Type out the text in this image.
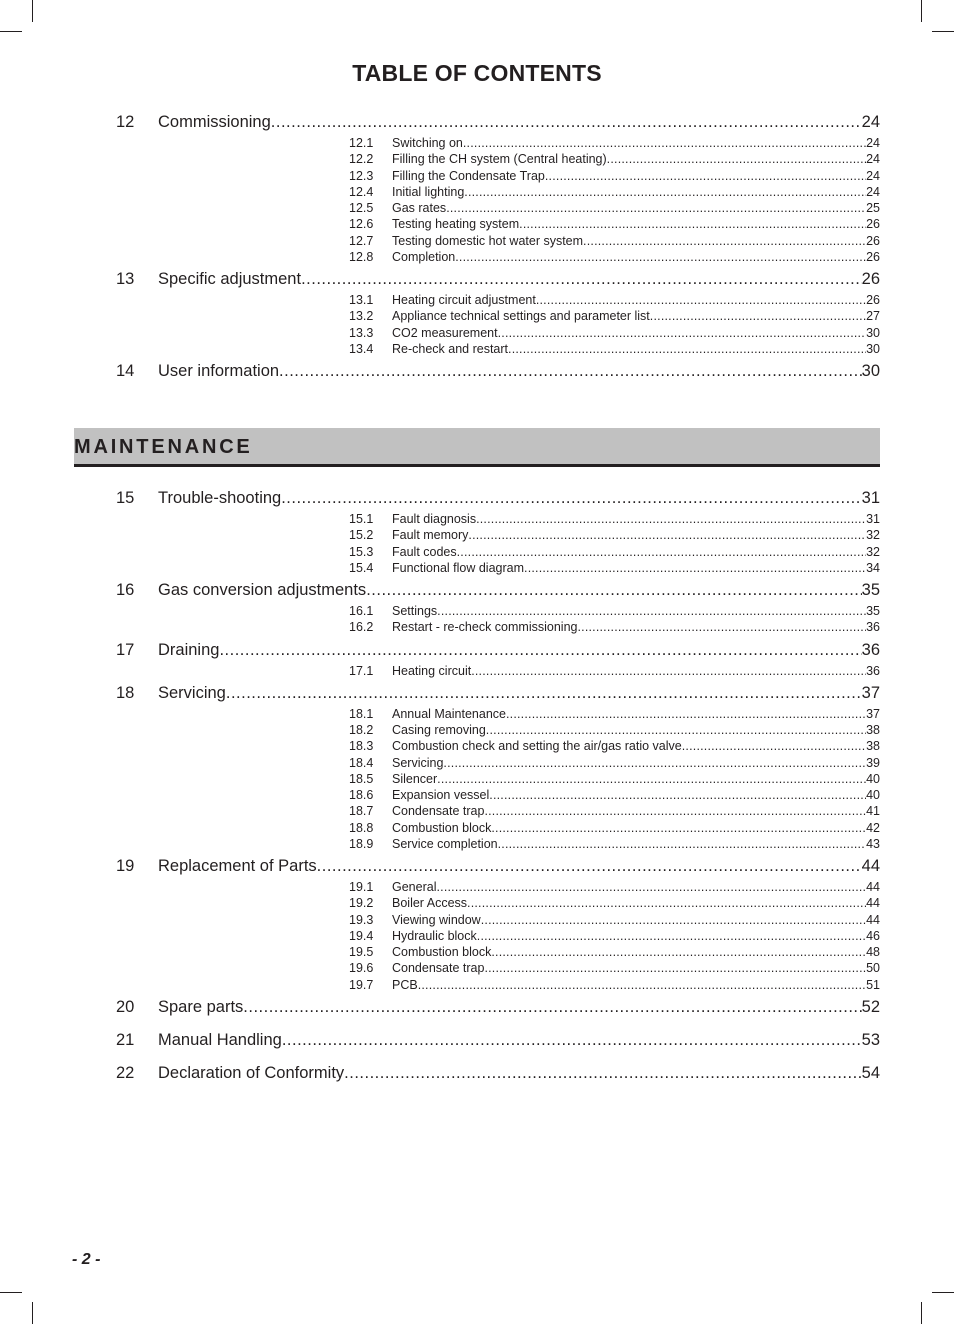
TABLE OF CONTENTS
12	Commissioning .....	24
12.1	Switching on .....	24
12.2	Filling the CH system (Central heating) .....	24
12.3	Filling the Condensate Trap .....	24
12.4	Initial lighting .....	24
12.5	Gas rates .....	25
12.6	Testing heating system .....	26
12.7	Testing domestic hot water system .....	26
12.8	Completion .....	26
13	Specific adjustment .....	26
13.1	Heating circuit adjustment .....	26
13.2	Appliance technical settings and parameter list .....	27
13.3	CO2 measurement .....	30
13.4	Re-check and restart .....	30
14	User information .....	30
MAINTENANCE
15	Trouble-shooting .....	31
15.1	Fault diagnosis .....	31
15.2	Fault memory .....	32
15.3	Fault codes .....	32
15.4	Functional flow diagram .....	34
16	Gas conversion adjustments .....	35
16.1	Settings .....	35
16.2	Restart - re-check commissioning .....	36
17	Draining .....	36
17.1	Heating circuit .....	36
18	Servicing .....	37
18.1	Annual Maintenance .....	37
18.2	Casing removing .....	38
18.3	Combustion check and setting the air/gas ratio valve .....	38
18.4	Servicing .....	39
18.5	Silencer .....	40
18.6	Expansion vessel .....	40
18.7	Condensate trap .....	41
18.8	Combustion block .....	42
18.9	Service completion .....	43
19	Replacement of Parts .....	44
19.1	General .....	44
19.2	Boiler Access .....	44
19.3	Viewing window .....	44
19.4	Hydraulic block .....	46
19.5	Combustion block .....	48
19.6	Condensate trap .....	50
19.7	PCB .....	51
20	Spare parts .....	52
21	Manual Handling .....	53
22	Declaration of Conformity .....	54
- 2 -
